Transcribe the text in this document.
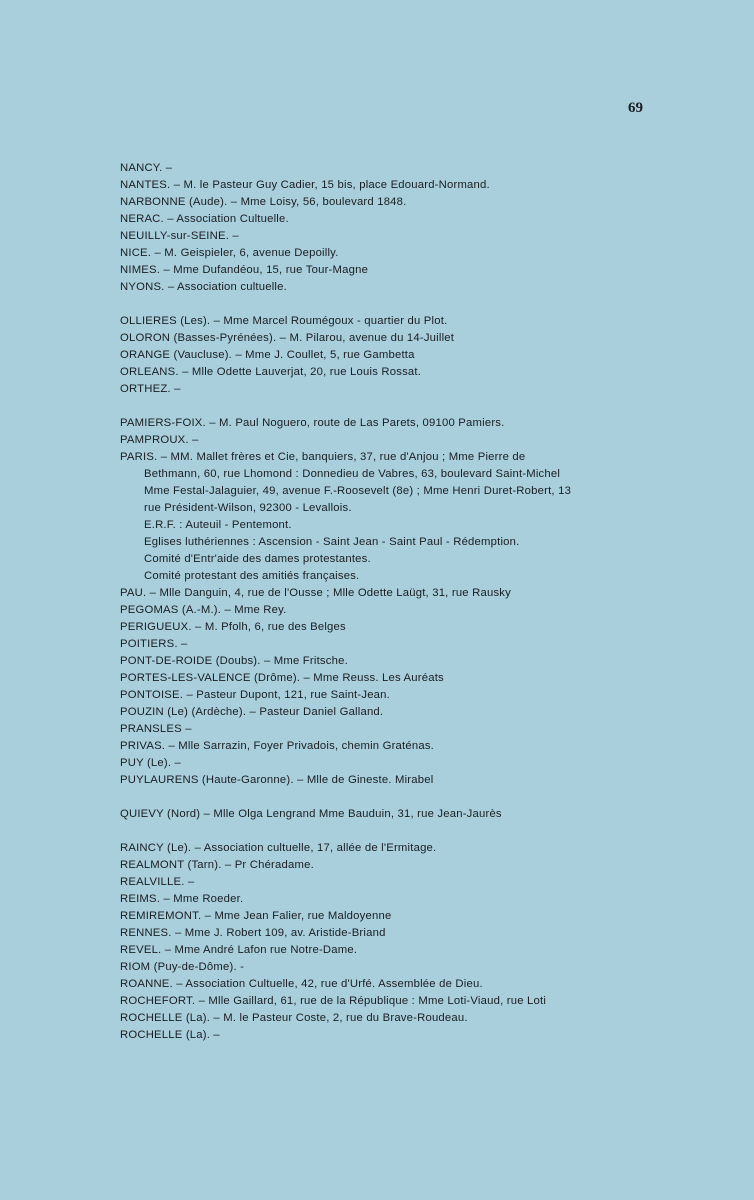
69
NANCY. –
NANTES. – M. le Pasteur Guy Cadier, 15 bis, place Edouard-Normand.
NARBONNE (Aude). – Mme Loisy, 56, boulevard 1848.
NERAC. – Association Cultuelle.
NEUILLY-sur-SEINE. –
NICE. – M. Geispieler, 6, avenue Depoilly.
NIMES. – Mme Dufandéou, 15, rue Tour-Magne
NYONS. – Association cultuelle.
OLLIERES (Les). – Mme Marcel Roumégoux - quartier du Plot.
OLORON (Basses-Pyrénées). – M. Pilarou, avenue du 14-Juillet
ORANGE (Vaucluse). – Mme J. Coullet, 5, rue Gambetta
ORLEANS. – Mlle Odette Lauverjat, 20, rue Louis Rossat.
ORTHEZ. –
PAMIERS-FOIX. – M. Paul Noguero, route de Las Parets, 09100 Pamiers.
PAMPROUX. –
PARIS. – MM. Mallet frères et Cie, banquiers, 37, rue d'Anjou ; Mme Pierre de
Bethmann, 60, rue Lhomond : Donnedieu de Vabres, 63, boulevard Saint-Michel
Mme Festal-Jalaguier, 49, avenue F.-Roosevelt (8e) ; Mme Henri Duret-Robert, 13
rue Président-Wilson, 92300 - Levallois.
E.R.F. : Auteuil - Pentemont.
Eglises luthériennes : Ascension - Saint Jean - Saint Paul - Rédemption.
Comité d'Entr'aide des dames protestantes.
Comité protestant des amitiés françaises.
PAU. – Mlle Danguin, 4, rue de l'Ousse ; Mlle Odette Laügt, 31, rue Rausky
PEGOMAS (A.-M.). – Mme Rey.
PERIGUEUX. – M. Pfolh, 6, rue des Belges
POITIERS. –
PONT-DE-ROIDE (Doubs). – Mme Fritsche.
PORTES-LES-VALENCE (Drôme). – Mme Reuss. Les Auréats
PONTOISE. – Pasteur Dupont, 121, rue Saint-Jean.
POUZIN (Le) (Ardèche). – Pasteur Daniel Galland.
PRANSLES –
PRIVAS. – Mlle Sarrazin, Foyer Privadois, chemin Graténas.
PUY (Le). –
PUYLAURENS (Haute-Garonne). – Mlle de Gineste. Mirabel
QUIEVY (Nord) – Mlle Olga Lengrand Mme Bauduin, 31, rue Jean-Jaurès
RAINCY (Le). – Association cultuelle, 17, allée de l'Ermitage.
REALMONT (Tarn). – Pr Chéradame.
REALVILLE. –
REIMS. – Mme Roeder.
REMIREMONT. – Mme Jean Falier, rue Maldoyenne
RENNES. – Mme J. Robert 109, av. Aristide-Briand
REVEL. – Mme André Lafon rue Notre-Dame.
RIOM (Puy-de-Dôme). -
ROANNE. – Association Cultuelle, 42, rue d'Urfé. Assemblée de Dieu.
ROCHEFORT. – Mlle Gaillard, 61, rue de la République : Mme Loti-Viaud, rue Loti
ROCHELLE (La). – M. le Pasteur Coste, 2, rue du Brave-Roudeau.
ROCHELLE (La). –
